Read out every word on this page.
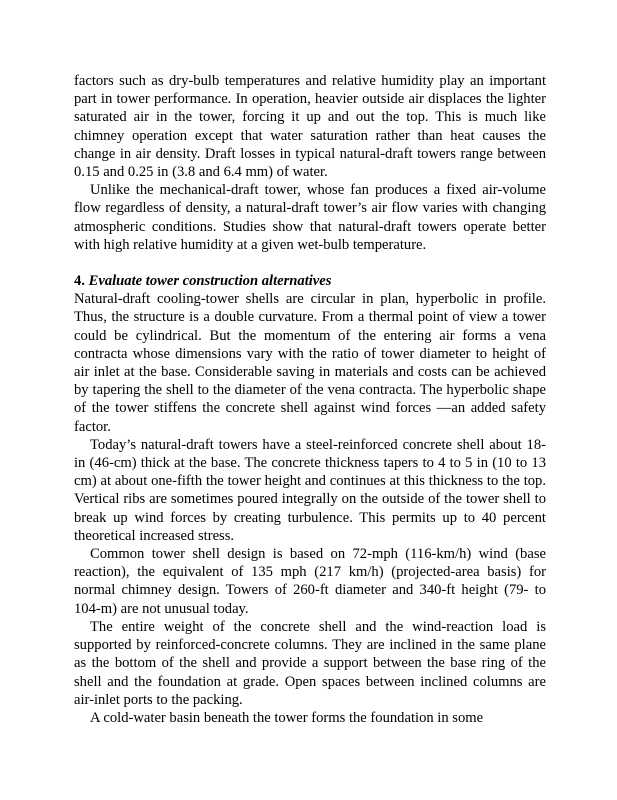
factors such as dry-bulb temperatures and relative humidity play an important part in tower performance. In operation, heavier outside air displaces the lighter saturated air in the tower, forcing it up and out the top. This is much like chimney operation except that water saturation rather than heat causes the change in air density. Draft losses in typical natural-draft towers range between 0.15 and 0.25 in (3.8 and 6.4 mm) of water.

Unlike the mechanical-draft tower, whose fan produces a fixed air-volume flow regardless of density, a natural-draft tower’s air flow varies with changing atmospheric conditions. Studies show that natural-draft towers operate better with high relative humidity at a given wet-bulb temperature.

4. Evaluate tower construction alternatives

Natural-draft cooling-tower shells are circular in plan, hyperbolic in profile. Thus, the structure is a double curvature. From a thermal point of view a tower could be cylindrical. But the momentum of the entering air forms a vena contracta whose dimensions vary with the ratio of tower diameter to height of air inlet at the base. Considerable saving in materials and costs can be achieved by tapering the shell to the diameter of the vena contracta. The hyperbolic shape of the tower stiffens the concrete shell against wind forces —an added safety factor.

Today’s natural-draft towers have a steel-reinforced concrete shell about 18-in (46-cm) thick at the base. The concrete thickness tapers to 4 to 5 in (10 to 13 cm) at about one-fifth the tower height and continues at this thickness to the top. Vertical ribs are sometimes poured integrally on the outside of the tower shell to break up wind forces by creating turbulence. This permits up to 40 percent theoretical increased stress.

Common tower shell design is based on 72-mph (116-km/h) wind (base reaction), the equivalent of 135 mph (217 km/h) (projected-area basis) for normal chimney design. Towers of 260-ft diameter and 340-ft height (79- to 104-m) are not unusual today.

The entire weight of the concrete shell and the wind-reaction load is supported by reinforced-concrete columns. They are inclined in the same plane as the bottom of the shell and provide a support between the base ring of the shell and the foundation at grade. Open spaces between inclined columns are air-inlet ports to the packing.

A cold-water basin beneath the tower forms the foundation in some
